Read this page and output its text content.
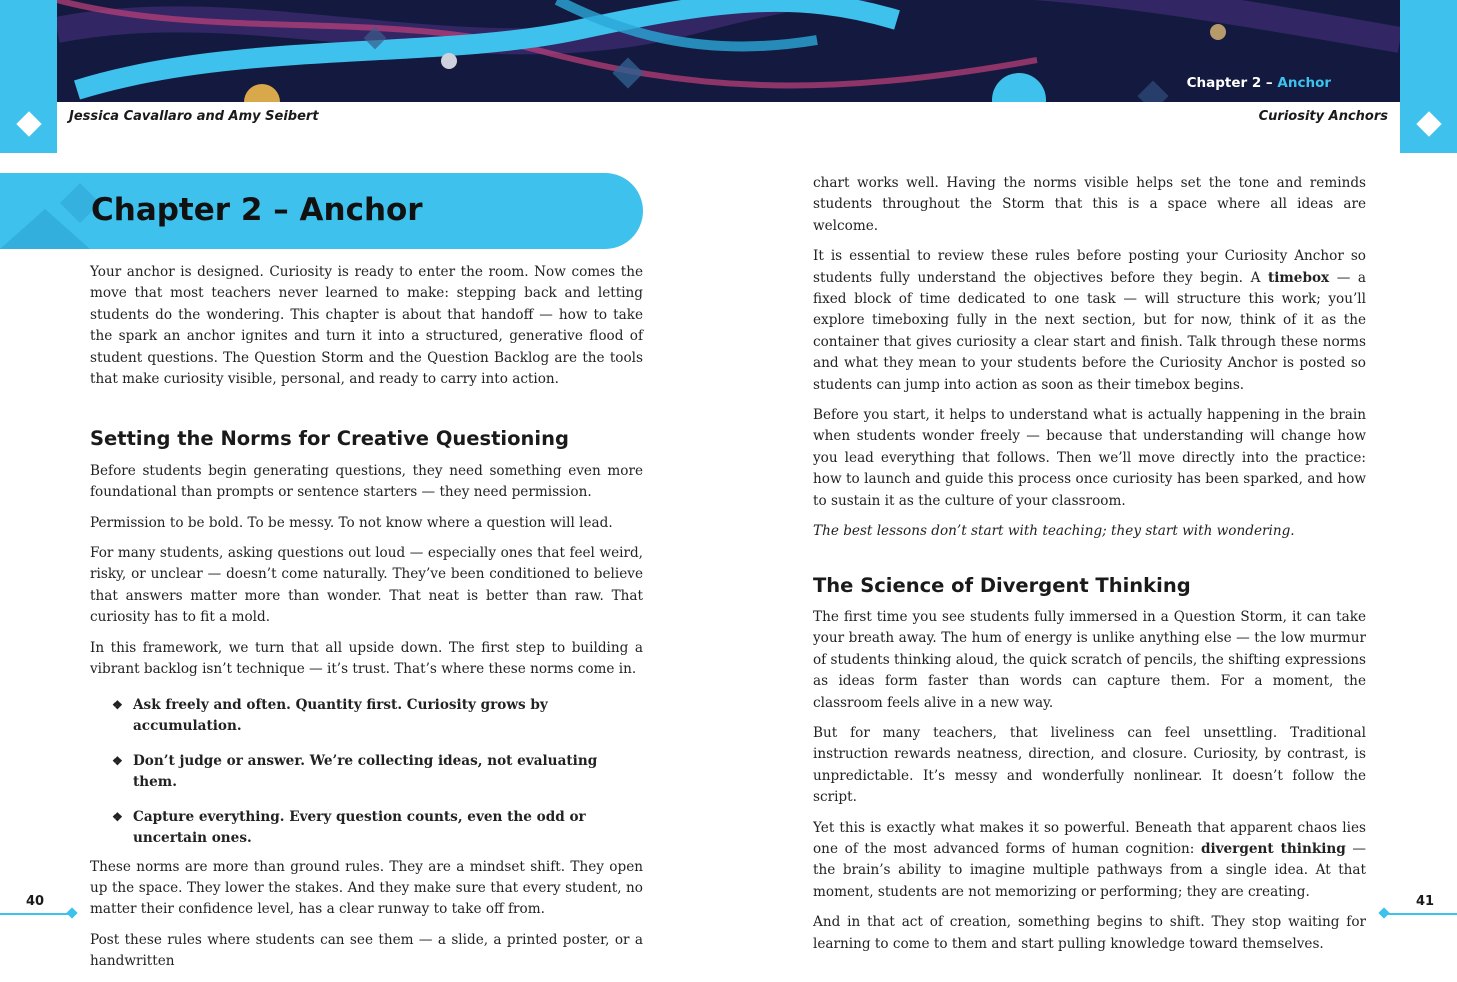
Chapter 2 – Anchor
Jessica Cavallaro and Amy Seibert	Curiosity Anchors
Chapter 2 – Anchor

Your anchor is designed. Curiosity is ready to enter the room. Now comes the move that most teachers never learned to make: stepping back and letting students do the wondering. This chapter is about that handoff — how to take the spark an anchor ignites and turn it into a structured, generative flood of student questions. The Question Storm and the Question Backlog are the tools that make curiosity visible, personal, and ready to carry into action.

Setting the Norms for Creative Questioning

Before students begin generating questions, they need something even more foundational than prompts or sentence starters — they need permission.

Permission to be bold. To be messy. To not know where a question will lead.

For many students, asking questions out loud — especially ones that feel weird, risky, or unclear — doesn’t come naturally. They’ve been conditioned to believe that answers matter more than wonder. That neat is better than raw. That curiosity has to fit a mold.

In this framework, we turn that all upside down. The first step to building a vibrant backlog isn’t technique — it’s trust. That’s where these norms come in.

❖ Ask freely and often. Quantity first. Curiosity grows by accumulation.
❖ Don’t judge or answer. We’re collecting ideas, not evaluating them.
❖ Capture everything. Every question counts, even the odd or uncertain ones.

These norms are more than ground rules. They are a mindset shift. They open up the space. They lower the stakes. And they make sure that every student, no matter their confidence level, has a clear runway to take off from.

Post these rules where students can see them — a slide, a printed poster, or a handwritten

chart works well. Having the norms visible helps set the tone and reminds students throughout the Storm that this is a space where all ideas are welcome.

It is essential to review these rules before posting your Curiosity Anchor so students fully understand the objectives before they begin. A timebox — a fixed block of time dedicated to one task — will structure this work; you’ll explore timeboxing fully in the next section, but for now, think of it as the container that gives curiosity a clear start and finish. Talk through these norms and what they mean to your students before the Curiosity Anchor is posted so students can jump into action as soon as their timebox begins.

Before you start, it helps to understand what is actually happening in the brain when students wonder freely — because that understanding will change how you lead everything that follows. Then we’ll move directly into the practice: how to launch and guide this process once curiosity has been sparked, and how to sustain it as the culture of your classroom.

The best lessons don’t start with teaching; they start with wondering.

The Science of Divergent Thinking

The first time you see students fully immersed in a Question Storm, it can take your breath away. The hum of energy is unlike anything else — the low murmur of students thinking aloud, the quick scratch of pencils, the shifting expressions as ideas form faster than words can capture them. For a moment, the classroom feels alive in a new way.

But for many teachers, that liveliness can feel unsettling. Traditional instruction rewards neatness, direction, and closure. Curiosity, by contrast, is unpredictable. It’s messy and wonderfully nonlinear. It doesn’t follow the script.

Yet this is exactly what makes it so powerful. Beneath that apparent chaos lies one of the most advanced forms of human cognition: divergent thinking — the brain’s ability to imagine multiple pathways from a single idea. At that moment, students are not memorizing or performing; they are creating.

And in that act of creation, something begins to shift. They stop waiting for learning to come to them and start pulling knowledge toward themselves.

40	41
